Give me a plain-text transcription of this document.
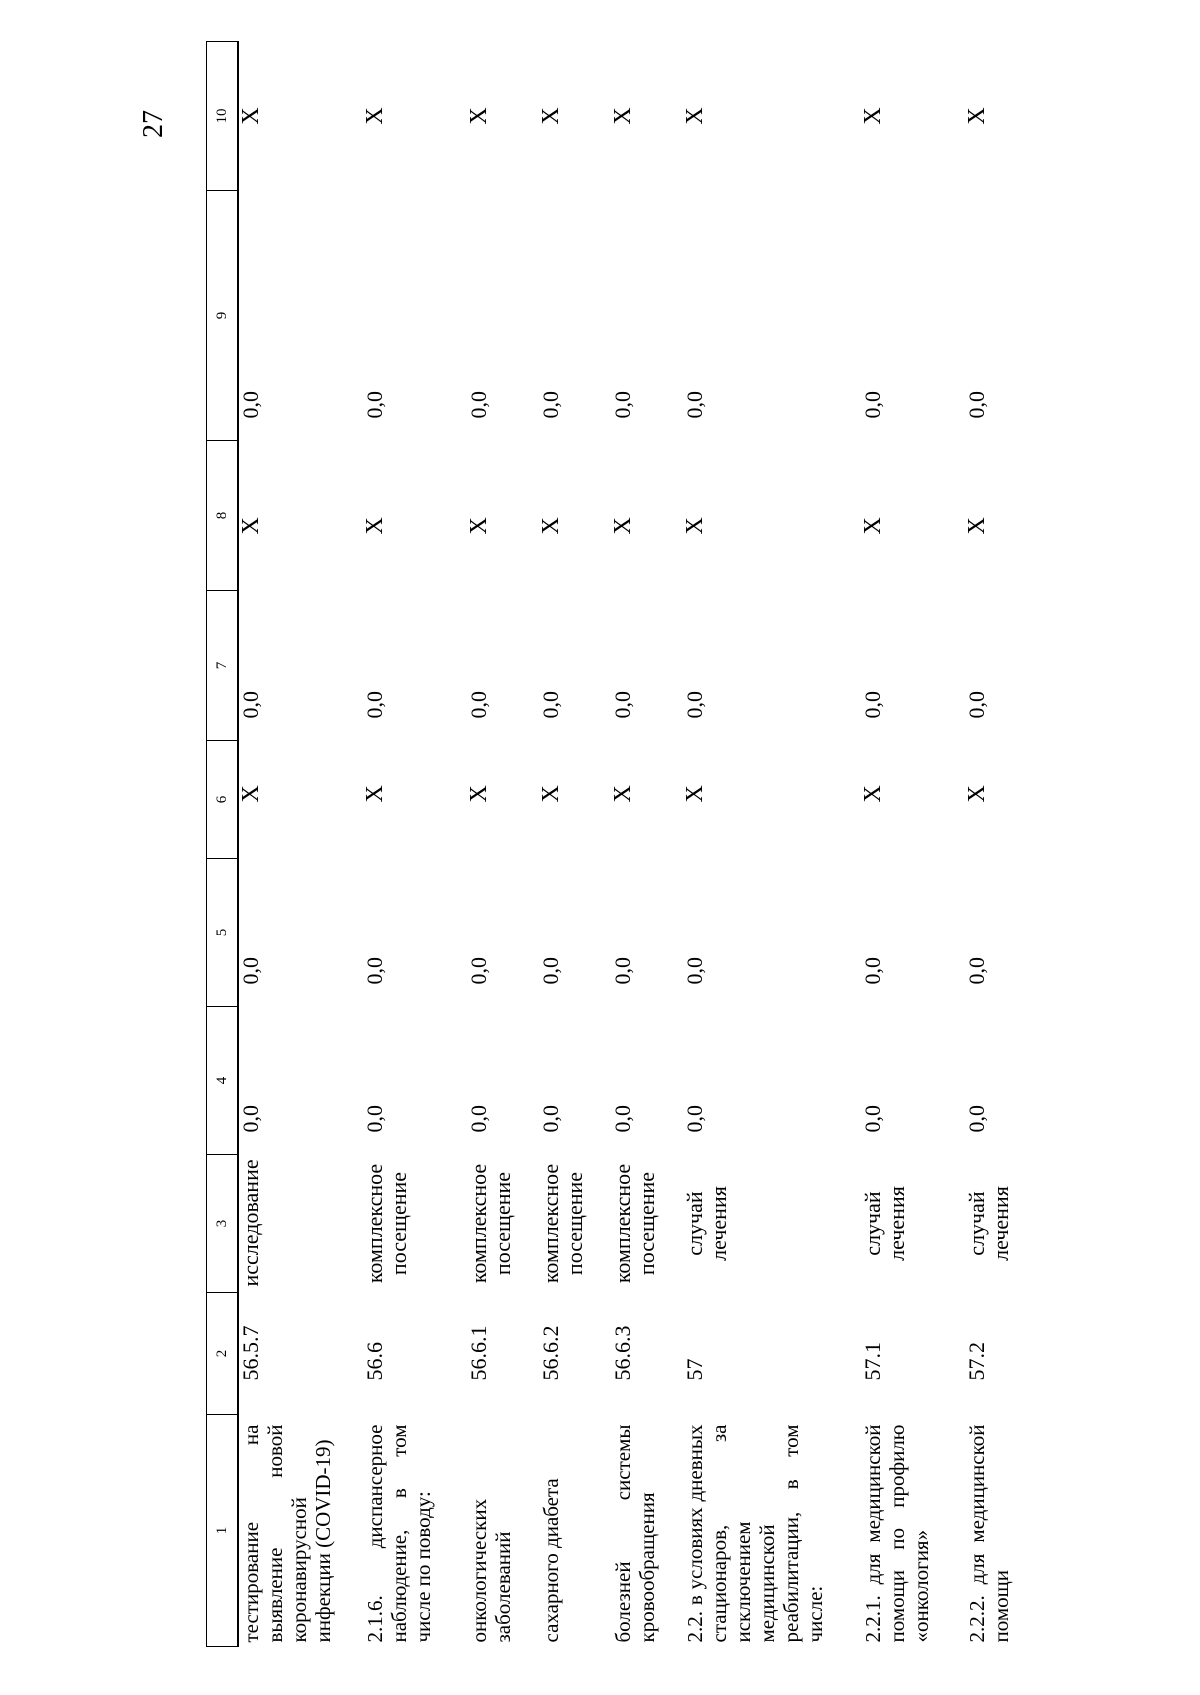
27
1	2	3	4	5	6	7	8	9	10
тестирование на выявление новой коронавирусной инфекции (COVID-19)	56.5.7	исследование	0,0	0,0	X	0,0	X	0,0	X
2.1.6. диспансерное наблюдение, в том числе по поводу:	56.6	комплексное посещение	0,0	0,0	X	0,0	X	0,0	X
онкологических заболеваний	56.6.1	комплексное посещение	0,0	0,0	X	0,0	X	0,0	X
сахарного диабета	56.6.2	комплексное посещение	0,0	0,0	X	0,0	X	0,0	X
болезней системы кровообращения	56.6.3	комплексное посещение	0,0	0,0	X	0,0	X	0,0	X
2.2. в условиях дневных стационаров, за исключением медицинской реабилитации, в том числе:	57	случай лечения	0,0	0,0	X	0,0	X	0,0	X
2.2.1. для медицинской помощи по профилю «онкология»	57.1	случай лечения	0,0	0,0	X	0,0	X	0,0	X
2.2.2. для медицинской помощи	57.2	случай лечения	0,0	0,0	X	0,0	X	0,0	X
